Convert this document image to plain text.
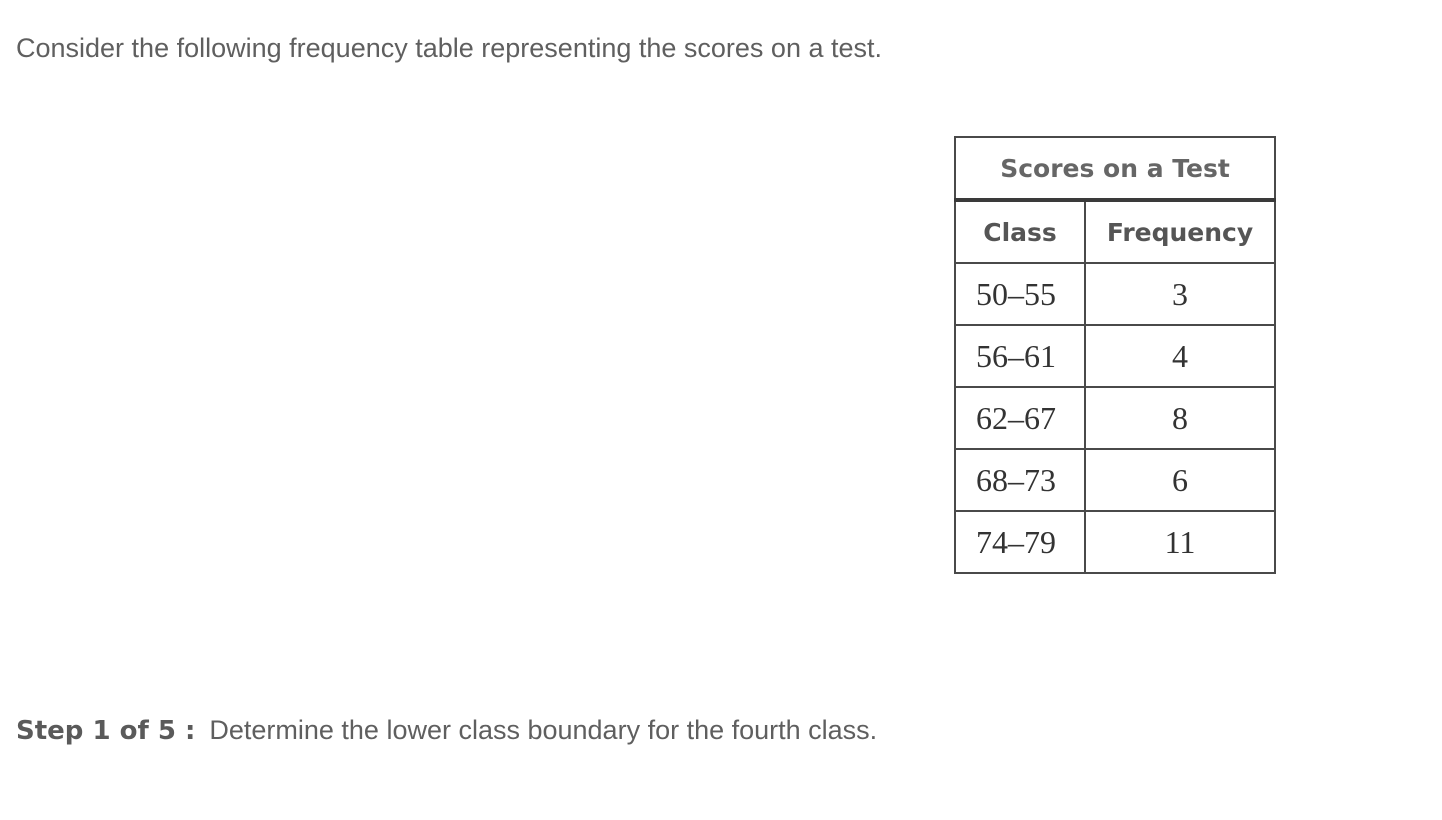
Consider the following frequency table representing the scores on a test.
Scores on a Test	
Class	Frequency
50–55	3
56–61	4
62–67	8
68–73	6
74–79	11
Step 1 of 5 : Determine the lower class boundary for the fourth class.
